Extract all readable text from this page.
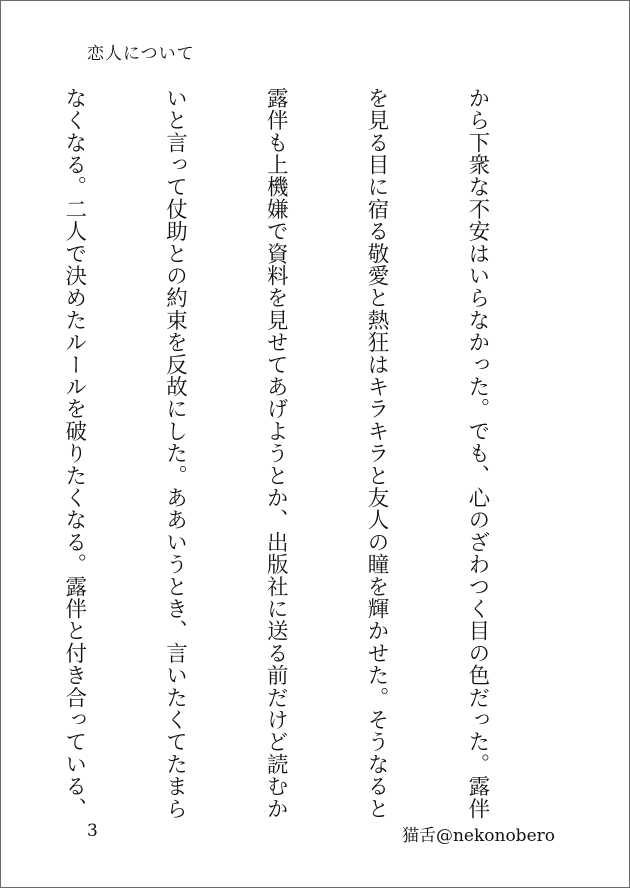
恋人について

から下衆な不安はいらなかった。でも、心のざわつく目の色だった。露伴

を見る目に宿る敬愛と熱狂はキラキラと友人の瞳を輝かせた。そうなると

露伴も上機嫌で資料を見せてあげようとか、出版社に送る前だけど読むか

いと言って仗助との約束を反故にした。ああいうとき、言いたくてたまら

なくなる。二人で決めたルールを破りたくなる。露伴と付き合っている、

3	猫舌@nekonobero
